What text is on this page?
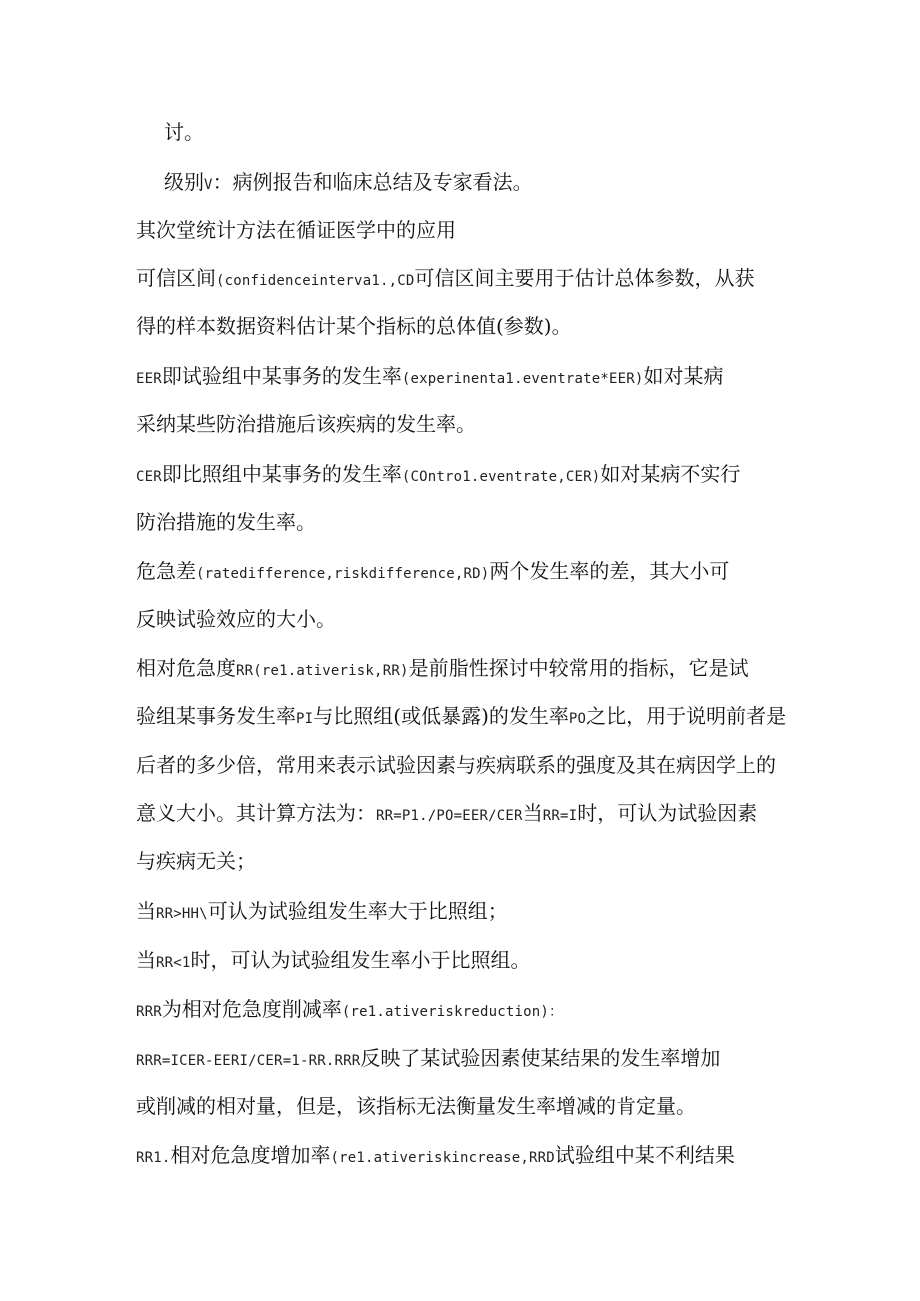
讨。
级别V：病例报告和临床总结及专家看法。
其次堂统计方法在循证医学中的应用
可信区间(confidenceinterva1.,CD可信区间主要用于估计总体参数，从获
得的样本数据资料估计某个指标的总体值(参数)。
EER即试验组中某事务的发生率(experinenta1.eventrate*EER)如对某病
采纳某些防治措施后该疾病的发生率。
CER即比照组中某事务的发生率(COntro1.eventrate,CER)如对某病不实行
防治措施的发生率。
危急差(ratedifference,riskdifference,RD)两个发生率的差，其大小可
反映试验效应的大小。
相对危急度RR(re1.ativerisk,RR)是前脂性探讨中较常用的指标，它是试
验组某事务发生率PI与比照组(或低暴露)的发生率PO之比，用于说明前者是
后者的多少倍，常用来表示试验因素与疾病联系的强度及其在病因学上的
意义大小。其计算方法为：RR=P1.∕PO=EER∕CER当RR=I时，可认为试验因素
与疾病无关；
当RR>HH\可认为试验组发生率大于比照组；
当RR<1时，可认为试验组发生率小于比照组。
RRR为相对危急度削减率(re1.ativeriskreduction)：
RRR=ICER-EERI/CER=1-RR.RRR反映了某试验因素使某结果的发生率增加
或削减的相对量，但是，该指标无法衡量发生率增减的肯定量。
RR1.相对危急度增加率(re1.ativeriskincrease,RRD试验组中某不利结果
